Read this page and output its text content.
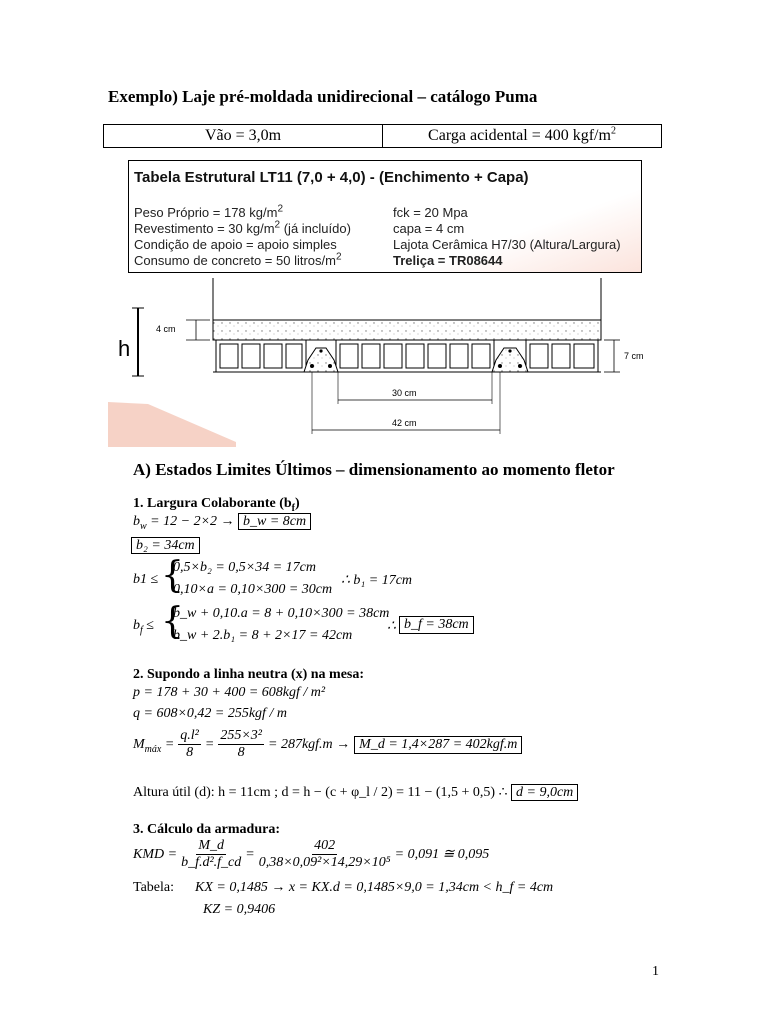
Exemplo) Laje pré-moldada unidirecional – catálogo Puma
Vão = 3,0m	Carga acidental = 400 kgf/$m^2$
Tabela Estrutural LT11 (7,0 + 4,0) - (Enchimento + Capa)
Peso Próprio = 178 $kg/m^2$
Revestimento = 30 $kg/m^2$ (já incluído)
Condição de apoio = apoio simples
Consumo de concreto = 50 litros/$m^2$
fck = 20 Mpa
capa = 4 cm
Lajota Cerâmica H7/30 (Altura/Largura)
Treliça = TR08644
h
4 cm
7 cm
30 cm
42 cm
A) Estados Limites Últimos – dimensionamento ao momento fletor
1. Largura Colaborante $(b_f)$
$b_w = 12 - 2\times 2$ → b_w = 8cm
b₂ = 34cm
b1 ≤ {
0,5×b₂ = 0,5×34 = 17cm
0,10×a = 0,10×300 = 30cm
∴ b₁ = 17cm
$b_f$ ≤ {
b_w + 0,10.a = 8 + 0,10×300 = 38cm
b_w + 2.b₁ = 8 + 2×17 = 42cm
∴ b_f = 38cm
2. Supondo a linha neutra (x) na mesa:
p = 178 + 30 + 400 = 608kgf / m²
q = 608×0,42 = 255kgf / m
$M_{máx} = \frac{\text{q.l²}}{8} = \frac{\text{255×3²}}{8} = 287kgf.m$ → M_d = 1,4×287 = 402kgf.m
Altura útil (d): h = 11cm ; d = h − (c + φ_l / 2) = 11 − (1,5 + 0,5) ∴ d = 9,0cm
3. Cálculo da armadura:
KMD = $\frac{M\_d}{\text{b\_f.d².f\_cd}} = \frac{402}{\text{0,38×0,09²×14,29×10⁵}} = 0,091$ ≅ 0,095
Tabela: KX = 0,1485 → x = KX.d = 0,1485×9,0 = 1,34cm < h_f = 4cm
KZ = 0,9406
1
